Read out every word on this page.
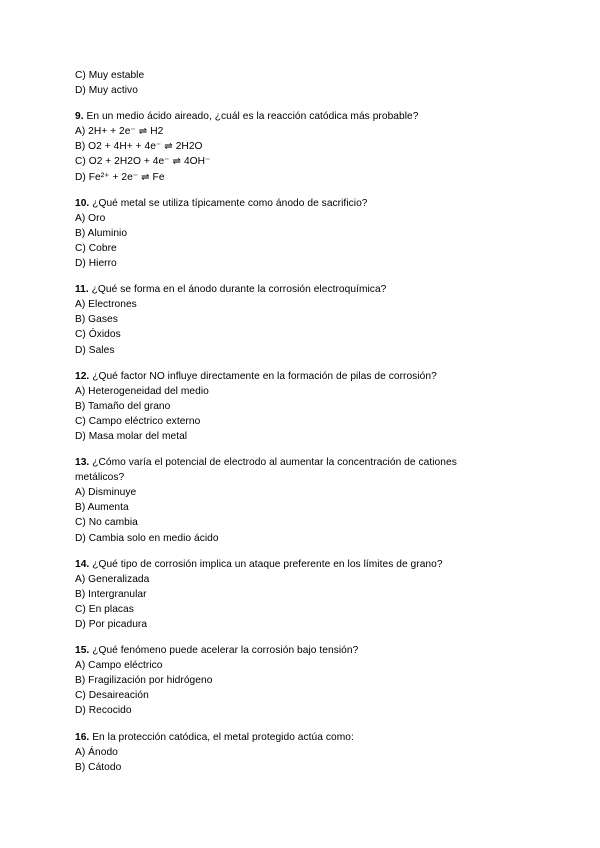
C) Muy estable
D) Muy activo
9. En un medio ácido aireado, ¿cuál es la reacción catódica más probable?
A) 2H+ + 2e⁻ ⇌ H2
B) O2 + 4H+ + 4e⁻ ⇌ 2H2O
C) O2 + 2H2O + 4e⁻ ⇌ 4OH⁻
D) Fe²⁺ + 2e⁻ ⇌ Fe
10. ¿Qué metal se utiliza típicamente como ánodo de sacrificio?
A) Oro
B) Aluminio
C) Cobre
D) Hierro
11. ¿Qué se forma en el ánodo durante la corrosión electroquímica?
A) Electrones
B) Gases
C) Óxidos
D) Sales
12. ¿Qué factor NO influye directamente en la formación de pilas de corrosión?
A) Heterogeneidad del medio
B) Tamaño del grano
C) Campo eléctrico externo
D) Masa molar del metal
13. ¿Cómo varía el potencial de electrodo al aumentar la concentración de cationes metálicos?
A) Disminuye
B) Aumenta
C) No cambia
D) Cambia solo en medio ácido
14. ¿Qué tipo de corrosión implica un ataque preferente en los límites de grano?
A) Generalizada
B) Intergranular
C) En placas
D) Por picadura
15. ¿Qué fenómeno puede acelerar la corrosión bajo tensión?
A) Campo eléctrico
B) Fragilización por hidrógeno
C) Desaireación
D) Recocido
16. En la protección catódica, el metal protegido actúa como:
A) Ánodo
B) Cátodo
